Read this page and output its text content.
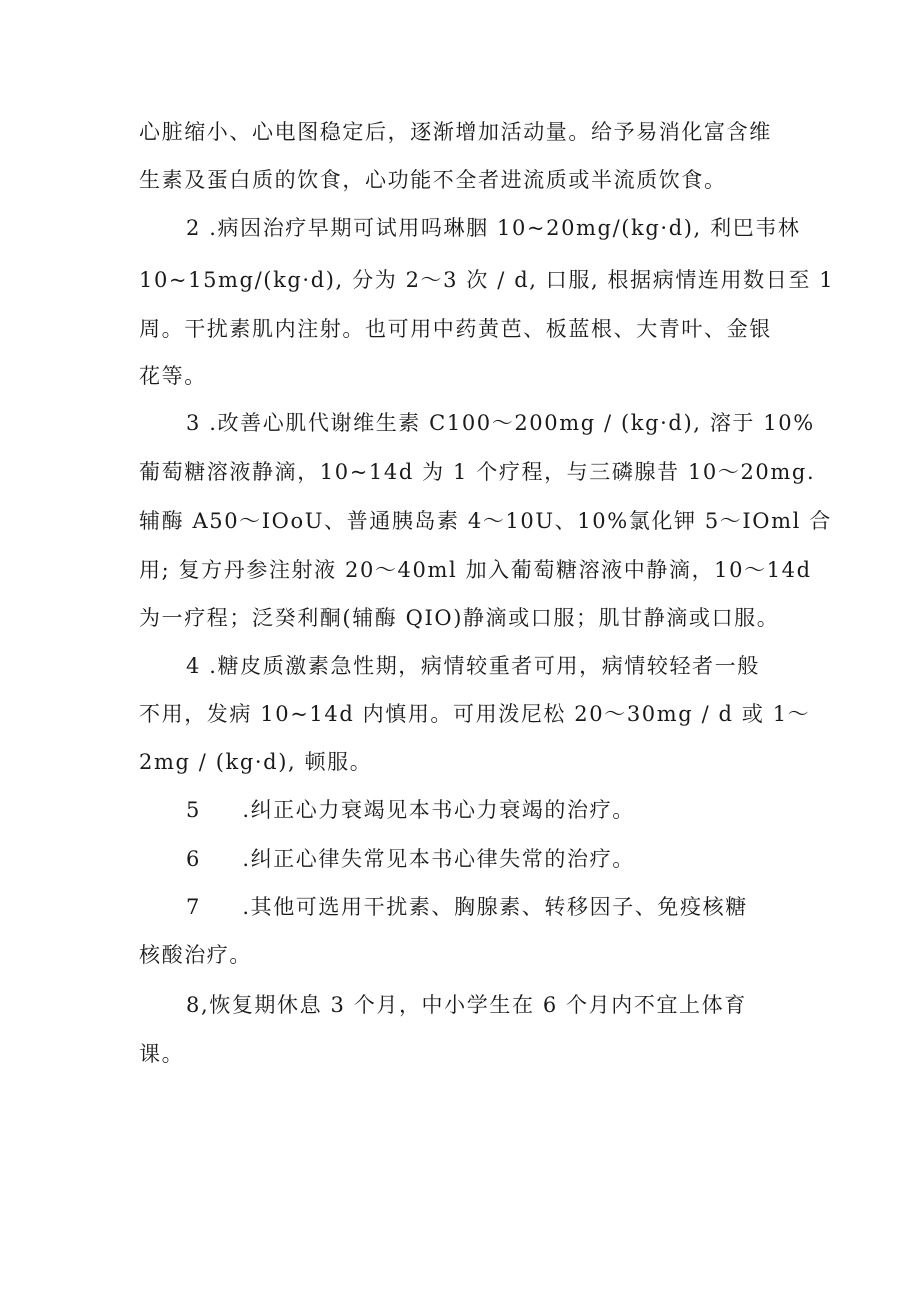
心脏缩小、心电图稳定后，逐渐增加活动量。给予易消化富含维
生素及蛋白质的饮食，心功能不全者进流质或半流质饮食。
2 .病因治疗早期可试用吗琳胭 10~20mg/(kg·d), 利巴韦林
10~15mg/(kg·d), 分为 2～3 次 / d, 口服, 根据病情连用数日至 1
周。干扰素肌内注射。也可用中药黄芭、板蓝根、大青叶、金银
花等。
3 .改善心肌代谢维生素 C100～200mg / (kg·d), 溶于 10%
葡萄糖溶液静滴，10~14d 为 1 个疗程，与三磷腺昔 10～20mg.
辅酶 A50～IOoU、普通胰岛素 4～10U、10%氯化钾 5～IOml 合
用; 复方丹参注射液 20～40ml 加入葡萄糖溶液中静滴，10～14d
为一疗程；泛癸利酮(辅酶 QIO)静滴或口服；肌甘静滴或口服。
4 .糖皮质激素急性期，病情较重者可用，病情较轻者一般
不用，发病 10~14d 内慎用。可用泼尼松 20～30mg / d 或 1～
2mg / (kg·d), 顿服。
5     .纠正心力衰竭见本书心力衰竭的治疗。
6     .纠正心律失常见本书心律失常的治疗。
7     .其他可选用干扰素、胸腺素、转移因子、免疫核糖
核酸治疗。
8,恢复期休息 3 个月，中小学生在 6 个月内不宜上体育
课。
